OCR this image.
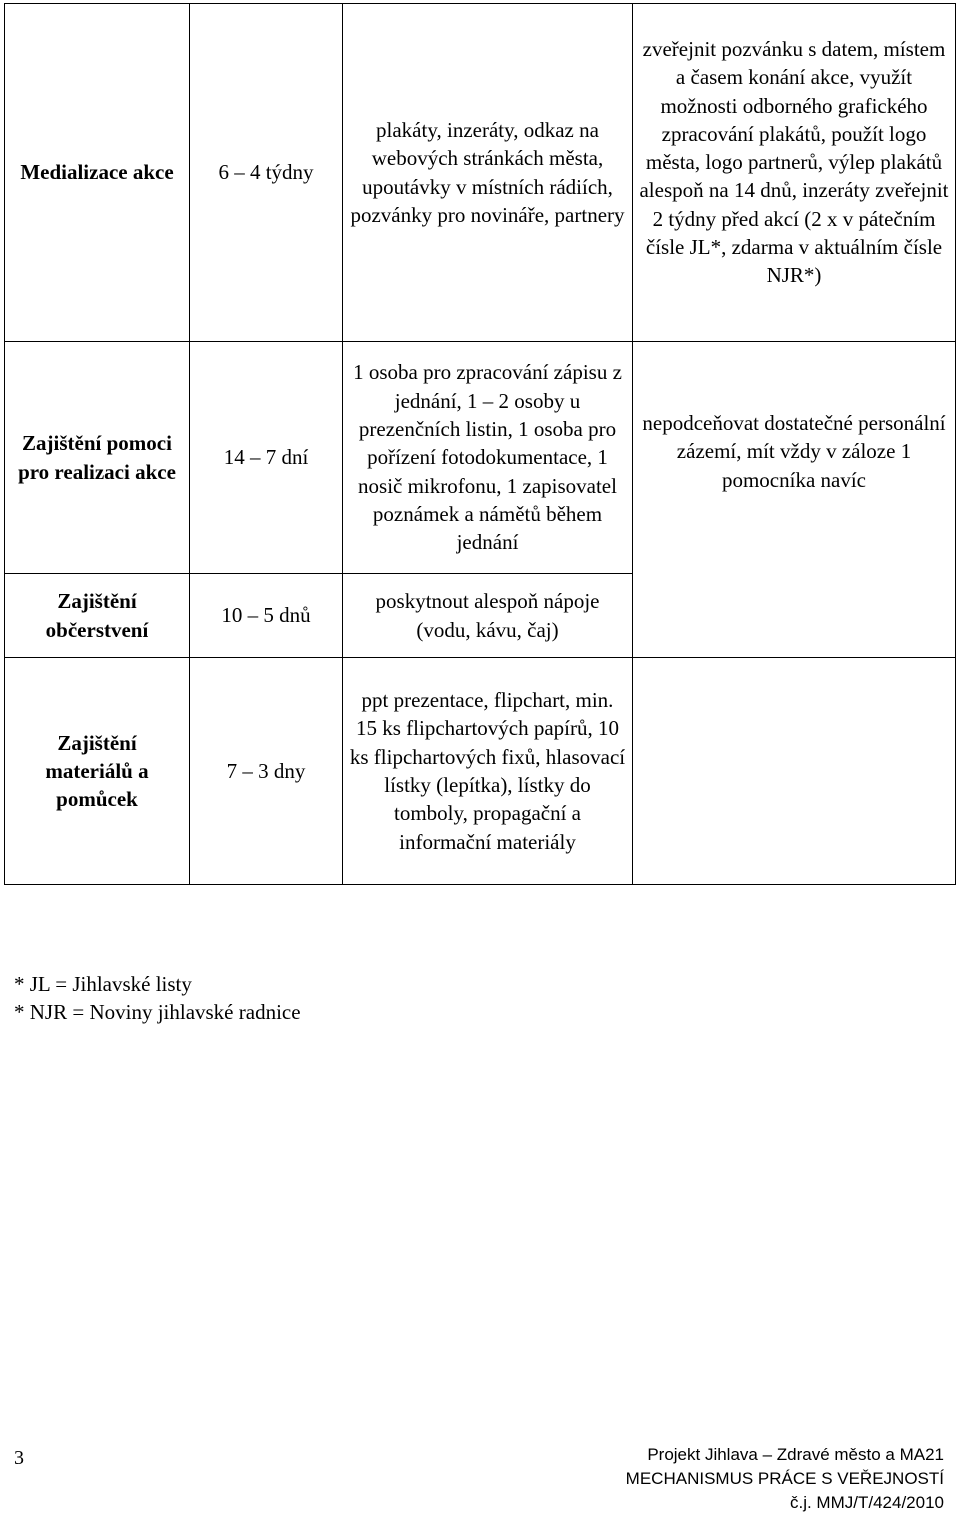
Medializace akce	6 – 4 týdny	plakáty, inzeráty, odkaz na webových stránkách města, upoutávky v místních rádiích, pozvánky pro novináře, partnery	zveřejnit pozvánku s datem, místem a časem konání akce, využít možnosti odborného grafického zpracování plakátů, použít logo města, logo partnerů, výlep plakátů alespoň na 14 dnů, inzeráty zveřejnit 2 týdny před akcí (2 x v pátečním čísle JL*, zdarma v aktuálním čísle NJR*)
Zajištění pomoci pro realizaci akce	14 – 7 dní	1 osoba pro zpracování zápisu z jednání, 1 – 2 osoby u prezenčních listin, 1 osoba pro pořízení fotodokumentace, 1 nosič mikrofonu, 1 zapisovatel poznámek a námětů během jednání	nepodceňovat dostatečné personální zázemí, mít vždy v záloze 1 pomocníka navíc
Zajištění občerstvení	10 – 5 dnů	poskytnout alespoň nápoje (vodu, kávu, čaj)	
Zajištění materiálů a pomůcek	7 – 3 dny	ppt prezentace, flipchart, min. 15 ks flipchartových papírů, 10 ks flipchartových fixů, hlasovací lístky (lepítka), lístky do tomboly, propagační a informační materiály	
* JL = Jihlavské listy
* NJR = Noviny jihlavské radnice
3	Projekt Jihlava – Zdravé město a MA21
MECHANISMUS PRÁCE S VEŘEJNOSTÍ
č.j. MMJ/T/424/2010
